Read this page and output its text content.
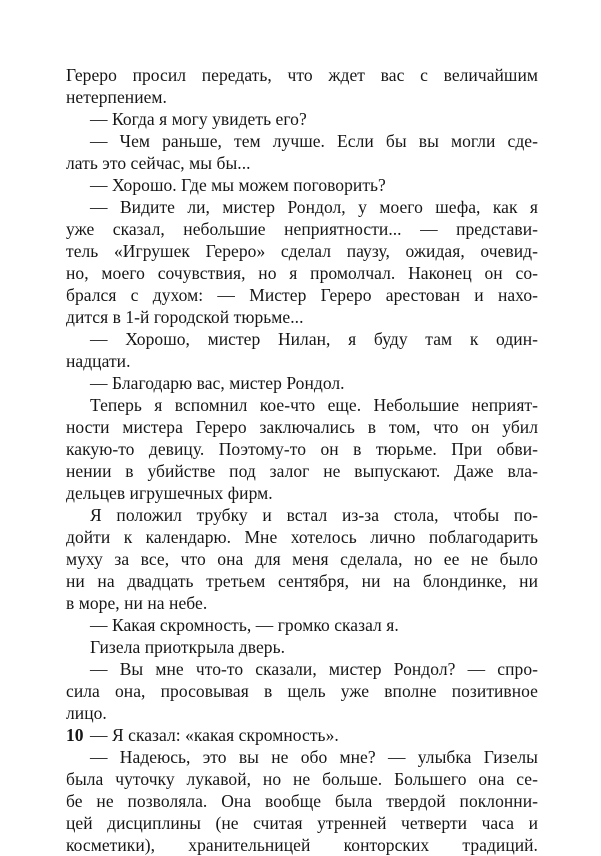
Гереро просил передать, что ждет вас с величайшим
нетерпением.
— Когда я могу увидеть его?
— Чем раньше, тем лучше. Если бы вы могли сде-
лать это сейчас, мы бы...
— Хорошо. Где мы можем поговорить?
— Видите ли, мистер Рондол, у моего шефа, как я
уже сказал, небольшие неприятности... — представи-
тель «Игрушек Гереро» сделал паузу, ожидая, очевид-
но, моего сочувствия, но я промолчал. Наконец он со-
брался с духом: — Мистер Гереро арестован и нахо-
дится в 1-й городской тюрьме...
— Хорошо, мистер Нилан, я буду там к один-
надцати.
— Благодарю вас, мистер Рондол.
Теперь я вспомнил кое-что еще. Небольшие неприят-
ности мистера Гереро заключались в том, что он убил
какую-то девицу. Поэтому-то он в тюрьме. При обви-
нении в убийстве под залог не выпускают. Даже вла-
дельцев игрушечных фирм.
Я положил трубку и встал из-за стола, чтобы по-
дойти к календарю. Мне хотелось лично поблагодарить
муху за все, что она для меня сделала, но ее не было
ни на двадцать третьем сентября, ни на блондинке, ни
в море, ни на небе.
— Какая скромность, — громко сказал я.
Гизела приоткрыла дверь.
— Вы мне что-то сказали, мистер Рондол? — спро-
сила она, просовывая в щель уже вполне позитивное
лицо.
— Я сказал: «какая скромность».
— Надеюсь, это вы не обо мне? — улыбка Гизелы
была чуточку лукавой, но не больше. Большего она се-
бе не позволяла. Она вообще была твердой поклонни-
цей дисциплины (не считая утренней четверти часа и
косметики), хранительницей конторских традиций.
10
